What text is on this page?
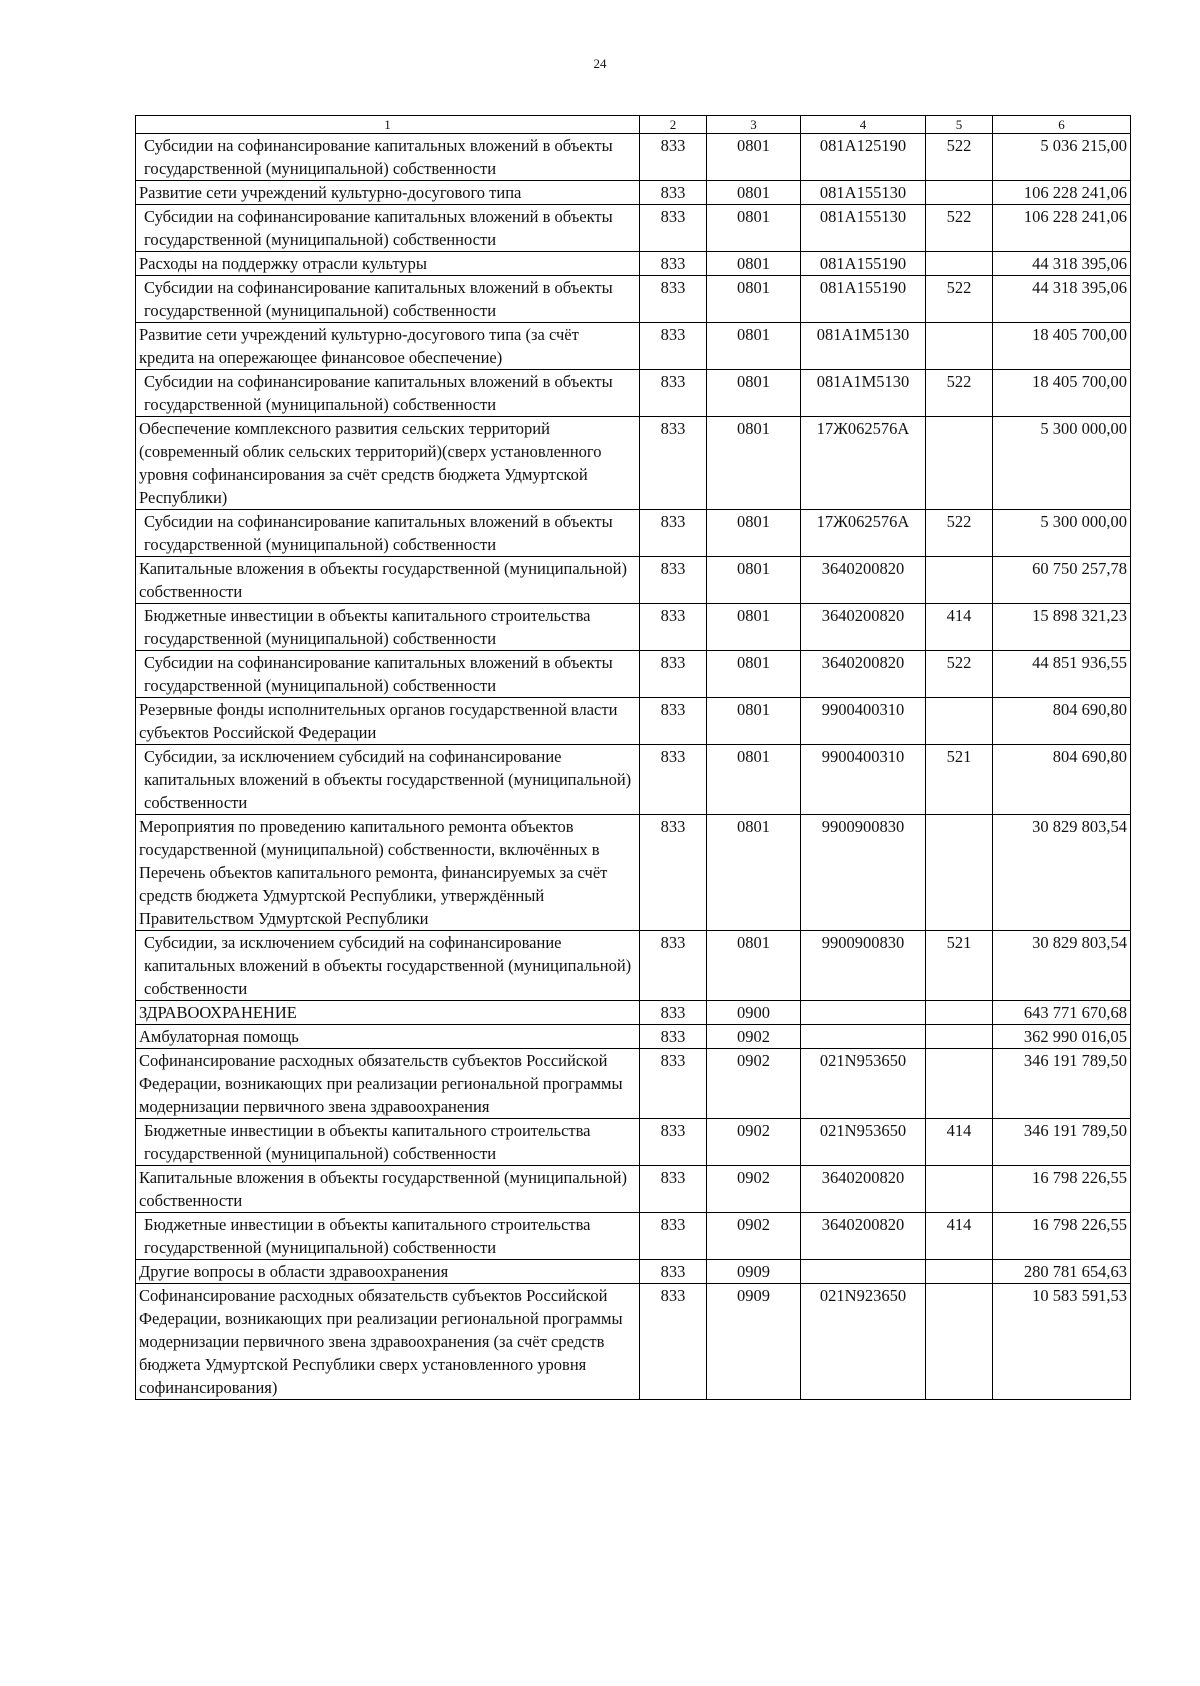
24
1	2	3	4	5	6
Субсидии на софинансирование капитальных вложений в объекты государственной (муниципальной) собственности	833	0801	081A125190	522	5 036 215,00
Развитие сети учреждений культурно-досугового типа	833	0801	081A155130		106 228 241,06
Субсидии на софинансирование капитальных вложений в объекты государственной (муниципальной) собственности	833	0801	081A155130	522	106 228 241,06
Расходы на поддержку отрасли культуры	833	0801	081A155190		44 318 395,06
Субсидии на софинансирование капитальных вложений в объекты государственной (муниципальной) собственности	833	0801	081A155190	522	44 318 395,06
Развитие сети учреждений культурно-досугового типа (за счёт кредита на опережающее финансовое обеспечение)	833	0801	081A1M5130		18 405 700,00
Субсидии на софинансирование капитальных вложений в объекты государственной (муниципальной) собственности	833	0801	081A1M5130	522	18 405 700,00
Обеспечение комплексного развития сельских территорий (современный облик сельских территорий)(сверх установленного уровня софинансирования за счёт средств бюджета Удмуртской Республики)	833	0801	17Ж062576А		5 300 000,00
Субсидии на софинансирование капитальных вложений в объекты государственной (муниципальной) собственности	833	0801	17Ж062576А	522	5 300 000,00
Капитальные вложения в объекты государственной (муниципальной) собственности	833	0801	3640200820		60 750 257,78
Бюджетные инвестиции в объекты капитального строительства государственной (муниципальной) собственности	833	0801	3640200820	414	15 898 321,23
Субсидии на софинансирование капитальных вложений в объекты государственной (муниципальной) собственности	833	0801	3640200820	522	44 851 936,55
Резервные фонды исполнительных органов государственной власти субъектов Российской Федерации	833	0801	9900400310		804 690,80
Субсидии, за исключением субсидий на софинансирование капитальных вложений в объекты государственной (муниципальной) собственности	833	0801	9900400310	521	804 690,80
Мероприятия по проведению капитального ремонта объектов государственной (муниципальной) собственности, включённых в Перечень объектов капитального ремонта, финансируемых за счёт средств бюджета Удмуртской Республики, утверждённый Правительством Удмуртской Республики	833	0801	9900900830		30 829 803,54
Субсидии, за исключением субсидий на софинансирование капитальных вложений в объекты государственной (муниципальной) собственности	833	0801	9900900830	521	30 829 803,54
ЗДРАВООХРАНЕНИЕ	833	0900			643 771 670,68
Амбулаторная помощь	833	0902			362 990 016,05
Софинансирование расходных обязательств субъектов Российской Федерации, возникающих при реализации региональной программы модернизации первичного звена здравоохранения	833	0902	021N953650		346 191 789,50
Бюджетные инвестиции в объекты капитального строительства государственной (муниципальной) собственности	833	0902	021N953650	414	346 191 789,50
Капитальные вложения в объекты государственной (муниципальной) собственности	833	0902	3640200820		16 798 226,55
Бюджетные инвестиции в объекты капитального строительства государственной (муниципальной) собственности	833	0902	3640200820	414	16 798 226,55
Другие вопросы в области здравоохранения	833	0909			280 781 654,63
Софинансирование расходных обязательств субъектов Российской Федерации, возникающих при реализации региональной программы модернизации первичного звена здравоохранения (за счёт средств бюджета Удмуртской Республики сверх установленного уровня софинансирования)	833	0909	021N923650		10 583 591,53
